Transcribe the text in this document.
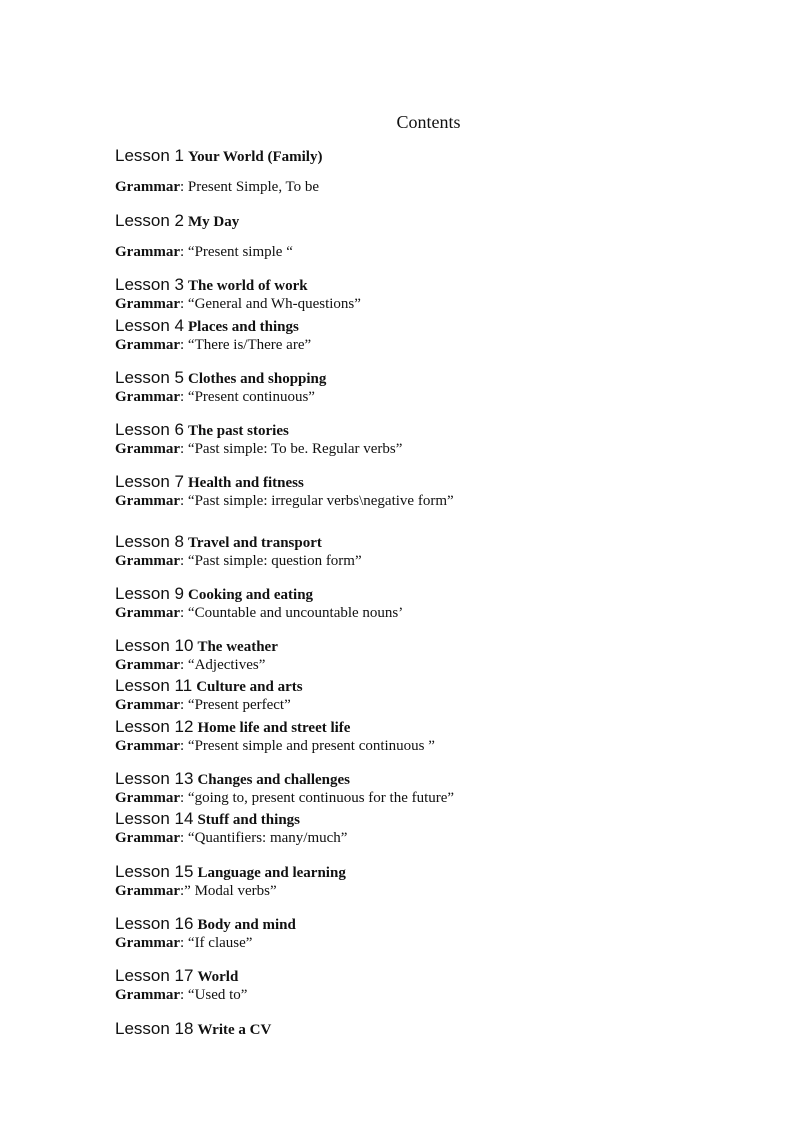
Contents
Lesson 1 Your World (Family)
Grammar: Present Simple, To be
Lesson 2 My Day
Grammar: “Present simple “
Lesson 3 The world of work
Grammar: “General and Wh-questions”
Lesson 4 Places and things
Grammar: “There is/There are”
Lesson 5 Clothes and shopping
Grammar: “Present continuous”
Lesson 6 The past stories
Grammar: “Past simple: To be. Regular verbs”
Lesson 7 Health and fitness
Grammar: “Past simple: irregular verbs\negative form”
Lesson 8 Travel and transport
Grammar: “Past simple: question form”
Lesson 9 Cooking and eating
Grammar: “Countable and uncountable nouns’
Lesson 10 The weather
Grammar: “Adjectives”
Lesson 11 Culture and arts
Grammar: “Present perfect”
Lesson 12 Home life and street life
Grammar: “Present simple and present continuous ”
Lesson 13 Changes and challenges
Grammar: “going to, present continuous for the future”
Lesson 14 Stuff and things
Grammar: “Quantifiers: many/much”
Lesson 15 Language and learning
Grammar:” Modal verbs”
Lesson 16 Body and mind
Grammar: “If clause”
Lesson 17 World
Grammar: “Used to”
Lesson 18 Write a CV
